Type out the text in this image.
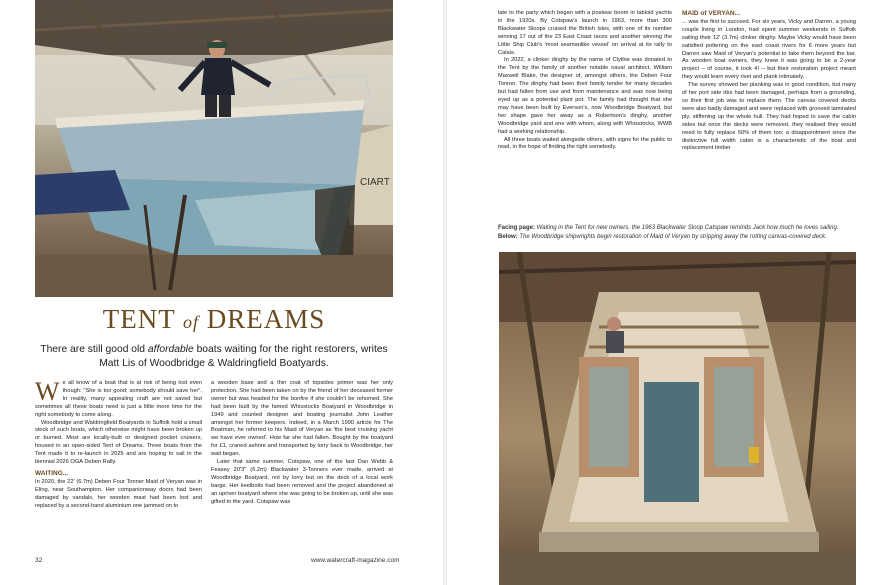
CIART
TENT of DREAMS
There are still good old affordable boats waiting for the right restorers, writes Matt Lis of Woodbridge & Waldringfield Boatyards.
W e all know of a boat that is at risk of being lost even though: "She is too good; somebody should save her". In reality, many appealing craft are not saved but sometimes all these boats need is just a little more time for the right somebody to come along.

Woodbridge and Waldringfield Boatyards in Suffolk hold a small stock of such boats, which otherwise might have been broken up or burned. Most are locally-built or designed pocket cruisers, housed in an open-sided Tent of Dreams. Three boats from the Tent made it to re-launch in 2025 and are hoping to sail in the biennial 2026 OGA Deben Rally.

WAITING...

In 2020, the 22' (6.7m) Deben Four Tonner Maid of Veryan was in Eling, near Southampton. Her companionway doors had been damaged by vandals, her wooden mast had been lost and replaced by a second-hand aluminium one jammed on to

a wooden base and a thin coat of topsides primer was her only protection. She had been taken on by the friend of her deceased former owner but was headed for the bonfire if she couldn't be rehomed. She had been built by the famed Whisstocks Boatyard in Woodbridge in 1949 and counted designer and boating journalist John Leather amongst her former keepers. Indeed, in a March 1990 article for The Boatman, he referred to his Maid of Veryan as 'the best cruising yacht we have ever owned'. How far she had fallen. Bought by the boatyard for £1, craned ashore and transported by lorry back to Woodbridge, her wait began.

Later that same summer, Cotspaw, one of the last Dan Webb & Feasey 20'3" (6.2m) Blackwater 3-Tonners ever made, arrived at Woodbridge Boatyard, not by lorry but on the deck of a local work barge. Her keelbolts had been removed and the project abandoned at an upriver boatyard where she was going to be broken up, until she was gifted to the yard. Cotspaw was

late to the party which began with a postwar boom in tabloid yachts in the 1920s. By Cotspaw's launch in 1963, more than 300 Blackwater Sloops cruised the British Isles, with one of its number winning 17 out of the 23 East Coast races and another winning the Little Ship Club's 'most seamanlike vessel' on arrival at its rally to Calais.

In 2022, a clinker dinghy by the name of Clythie was donated to the Tent by the family of another notable naval architect, William Maxwell Blake, the designer of, amongst others, the Deben Four Tonner. The dinghy had been their family tender for many decades but had fallen from use and from maintenance and was now being eyed up as a potential plant pot. The family had thought that she may have been built by Everson's, now Woodbridge Boatyard, but her shape gave her away as a Robertson's dinghy, another Woodbridge yard and one with whom, along with Whisstocks, WWB had a working relationship.

All three boats waited alongside others, with signs for the public to read, in the hope of finding the right somebody.

MAID of VERYAN...

... was the first to succeed. For six years, Vicky and Darren, a young couple living in London, had spent summer weekends in Suffolk sailing their 12' (3.7m) clinker dinghy. Maybe Vicky would have been satisfied pottering on the east coast rivers for 6 more years but Darren saw Maid of Veryan's potential to take them beyond the bar. As wooden boat owners, they knew it was going to be a 2-year project – of course, it took 4! – but their restoration project meant they would learn every rivet and plank intimately.

The survey showed her planking was in good condition, but many of her port side ribs had been damaged, perhaps from a grounding, so their first job was to replace them. The canvas covered decks were also badly damaged and were replaced with grooved laminated ply, stiffening up the whole hull. They had hoped to save the cabin sides but once the decks were removed, they realised they would need to fully replace 50% of them too; a disappointment since the distinctive full width cabin is a characteristic of the boat and replacement timber

Facing page: Waiting in the Tent for new owners, the 1963 Blackwater Sloop Catspaw reminds Jack how much he loves sailing.
Below: The Woodbridge shipwrights begin restoration of Maid of Veryan by stripping away the rotting canvas-covered deck.
32	www.watercraft-magazine.com
